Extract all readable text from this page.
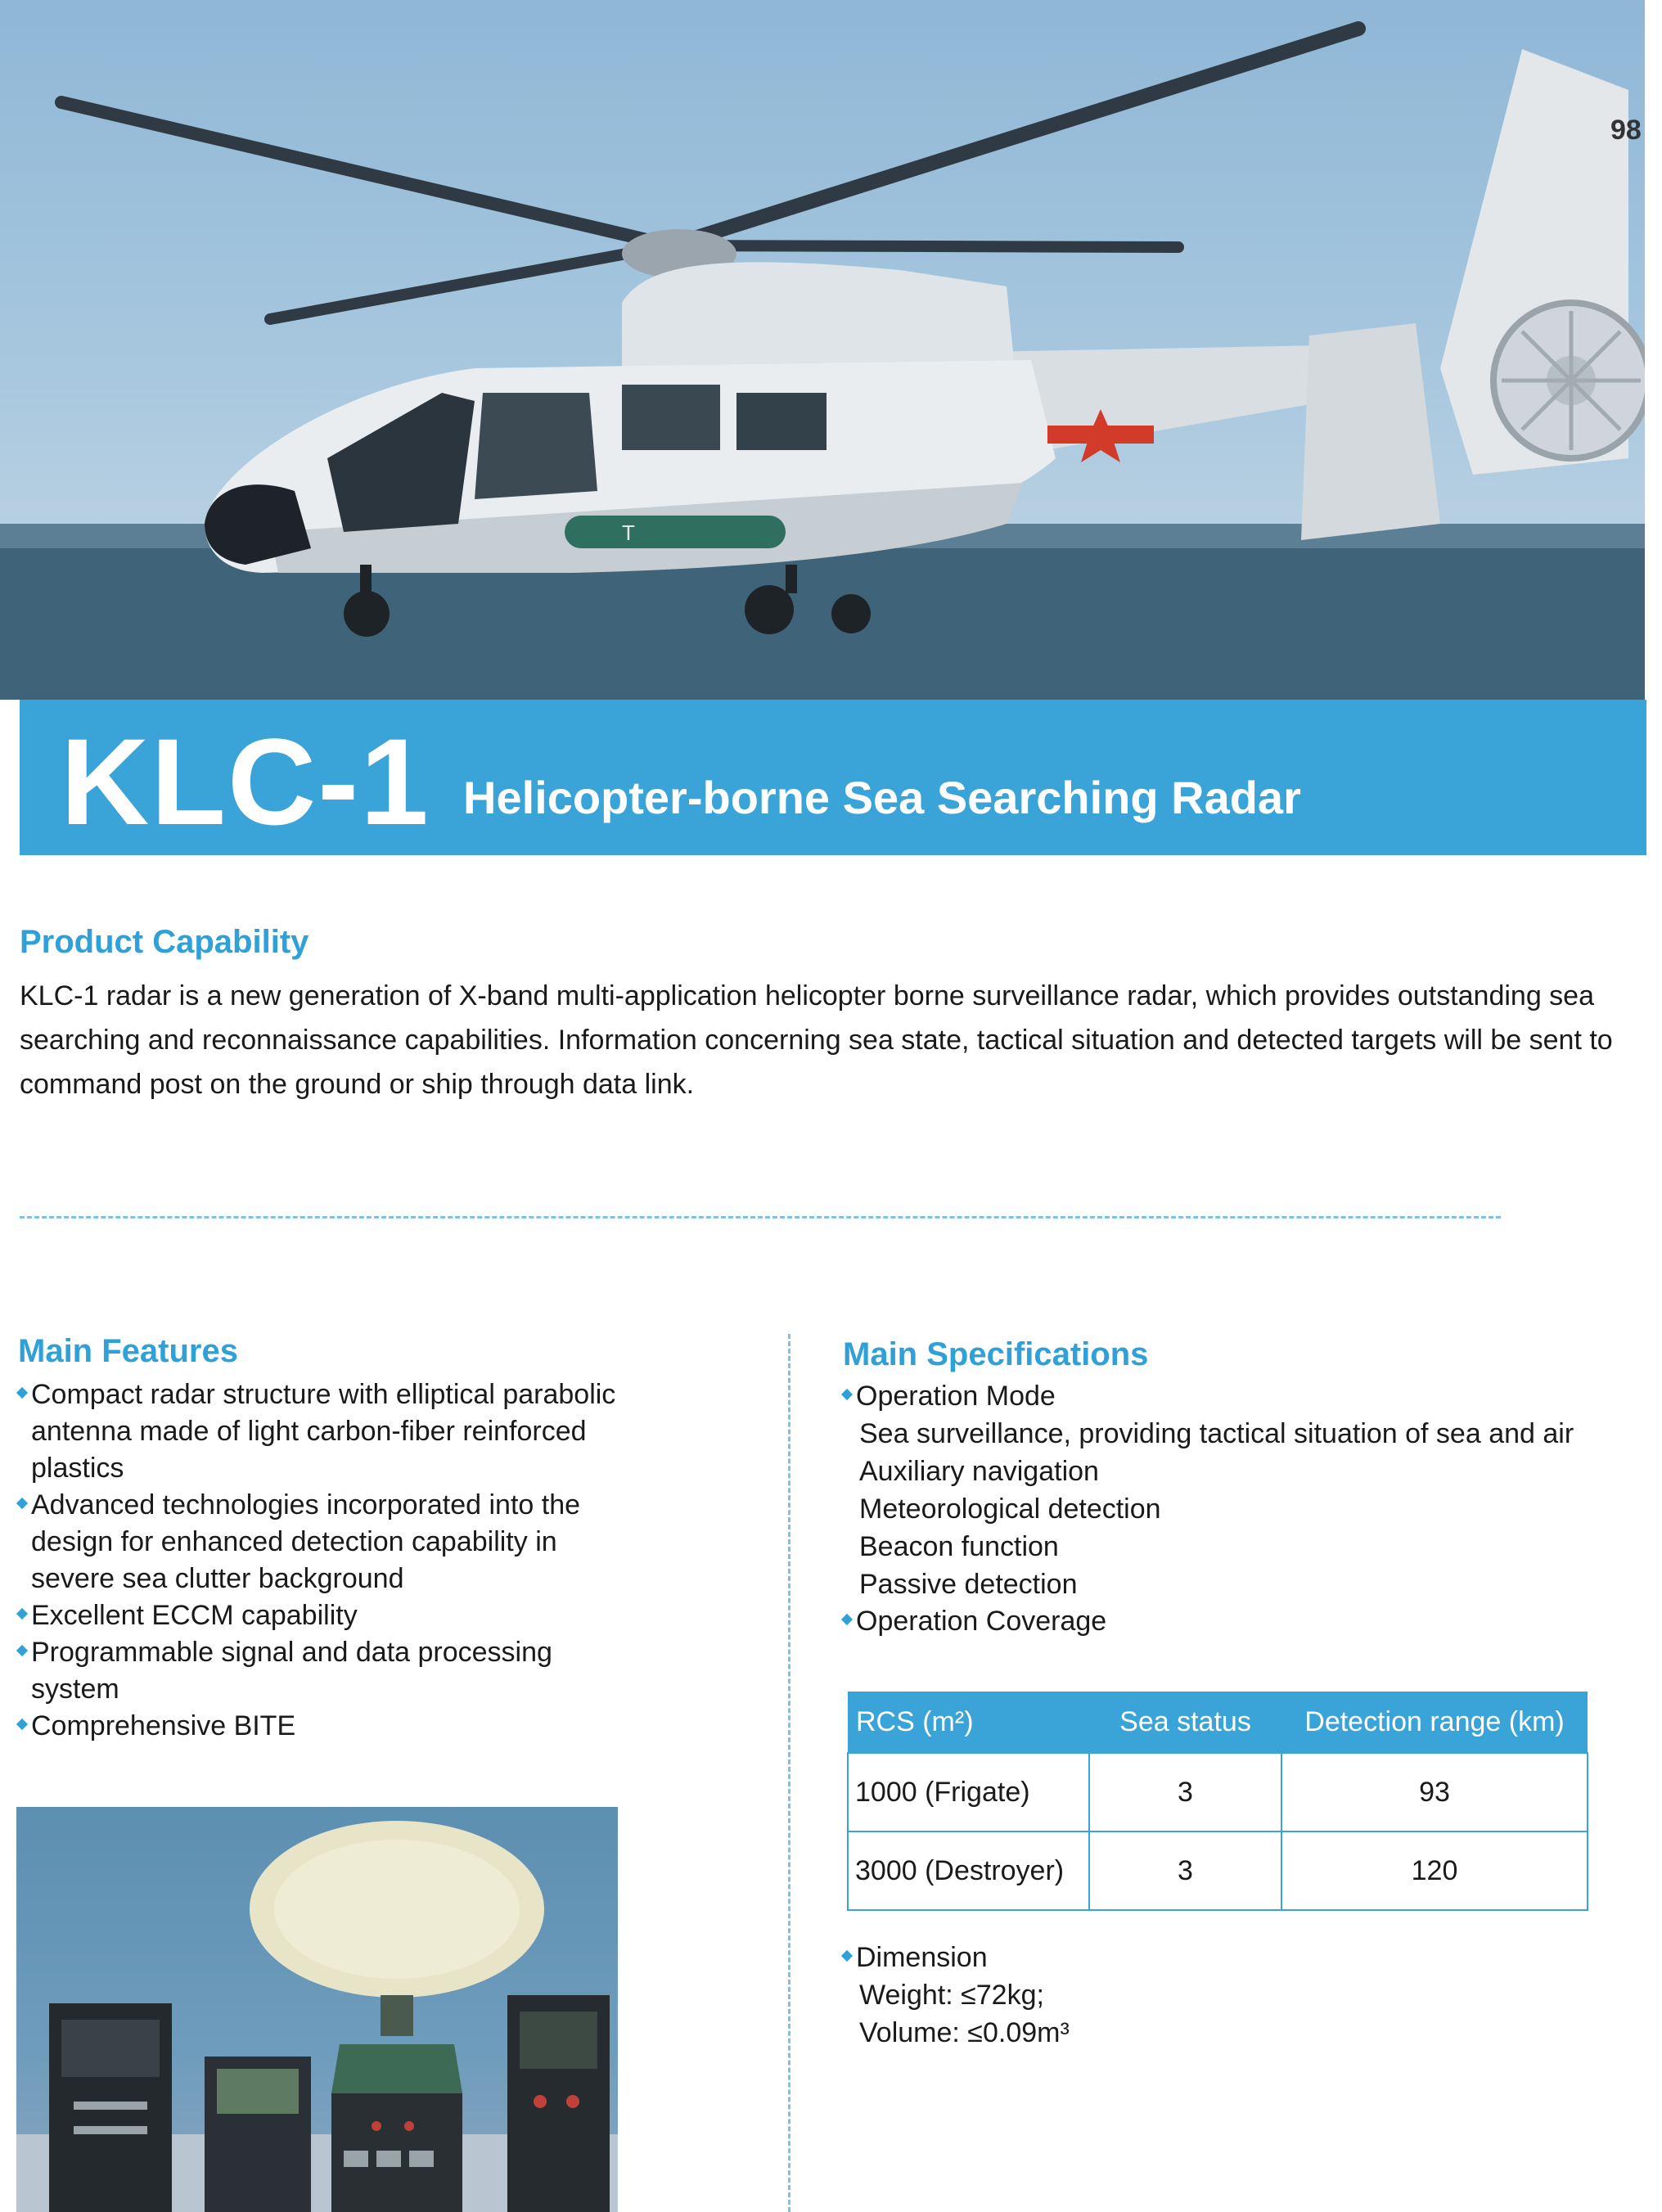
T
98
KLC-1 Helicopter-borne Sea Searching Radar
Product Capability
KLC-1 radar is a new generation of X-band multi-application helicopter borne surveillance radar, which provides outstanding sea searching and reconnaissance capabilities. Information concerning sea state, tactical situation and detected targets will be sent to command post on the ground or ship through data link.
Main Features
Compact radar structure with elliptical parabolic antenna made of light carbon-fiber reinforced plastics
Advanced technologies incorporated into the design for enhanced detection capability in severe sea clutter background
Excellent ECCM capability
Programmable signal and data processing system
Comprehensive BITE
Main Specifications
Operation Mode
Sea surveillance, providing tactical situation of sea and air
Auxiliary navigation
Meteorological detection
Beacon function
Passive detection
Operation Coverage
RCS (m²)	Sea status	Detection range (km)
1000 (Frigate)	3	93
3000 (Destroyer)	3	120
Dimension
Weight: ≤72kg;
Volume: ≤0.09m³
